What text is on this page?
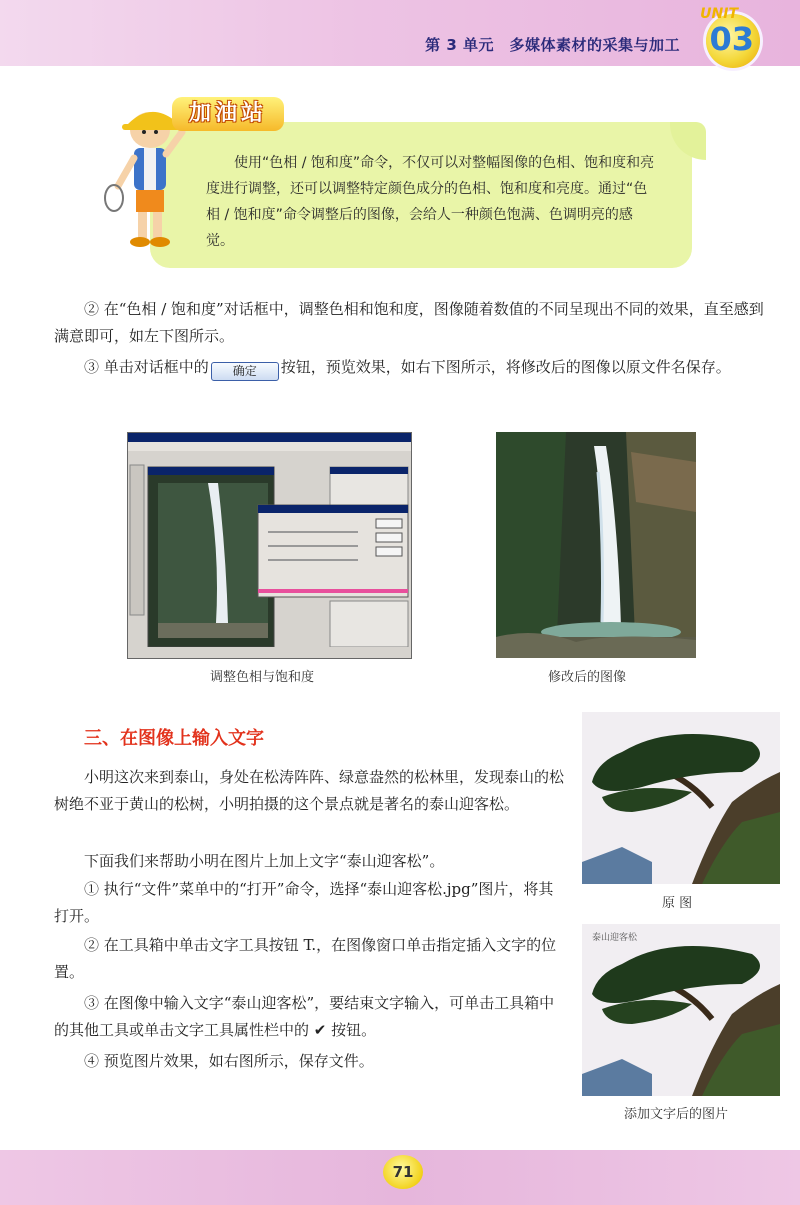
第 3 单元　多媒体素材的采集与加工
UNIT
03
加油站
使用“色相 / 饱和度”命令，不仅可以对整幅图像的色相、饱和度和亮度进行调整，还可以调整特定颜色成分的色相、饱和度和亮度。通过“色相 / 饱和度”命令调整后的图像，会给人一种颜色饱满、色调明亮的感觉。
② 在“色相 / 饱和度”对话框中，调整色相和饱和度，图像随着数值的不同呈现出不同的效果，直至感到满意即可，如左下图所示。
③ 单击对话框中的 确定 按钮，预览效果，如右下图所示，将修改后的图像以原文件名保存。
调整色相与饱和度	修改后的图像
三、在图像上输入文字
小明这次来到泰山，身处在松涛阵阵、绿意盎然的松林里，发现泰山的松树绝不亚于黄山的松树，小明拍摄的这个景点就是著名的泰山迎客松。
下面我们来帮助小明在图片上加上文字“泰山迎客松”。
① 执行“文件”菜单中的“打开”命令，选择“泰山迎客松.jpg”图片，将其打开。
② 在工具箱中单击文字工具按钮 T.，在图像窗口单击指定插入文字的位置。
③ 在图像中输入文字“泰山迎客松”，要结束文字输入，可单击工具箱中的其他工具或单击文字工具属性栏中的 ✔ 按钮。
④ 预览图片效果，如右图所示，保存文件。
泰山迎客松
原 图
添加文字后的图片
71
